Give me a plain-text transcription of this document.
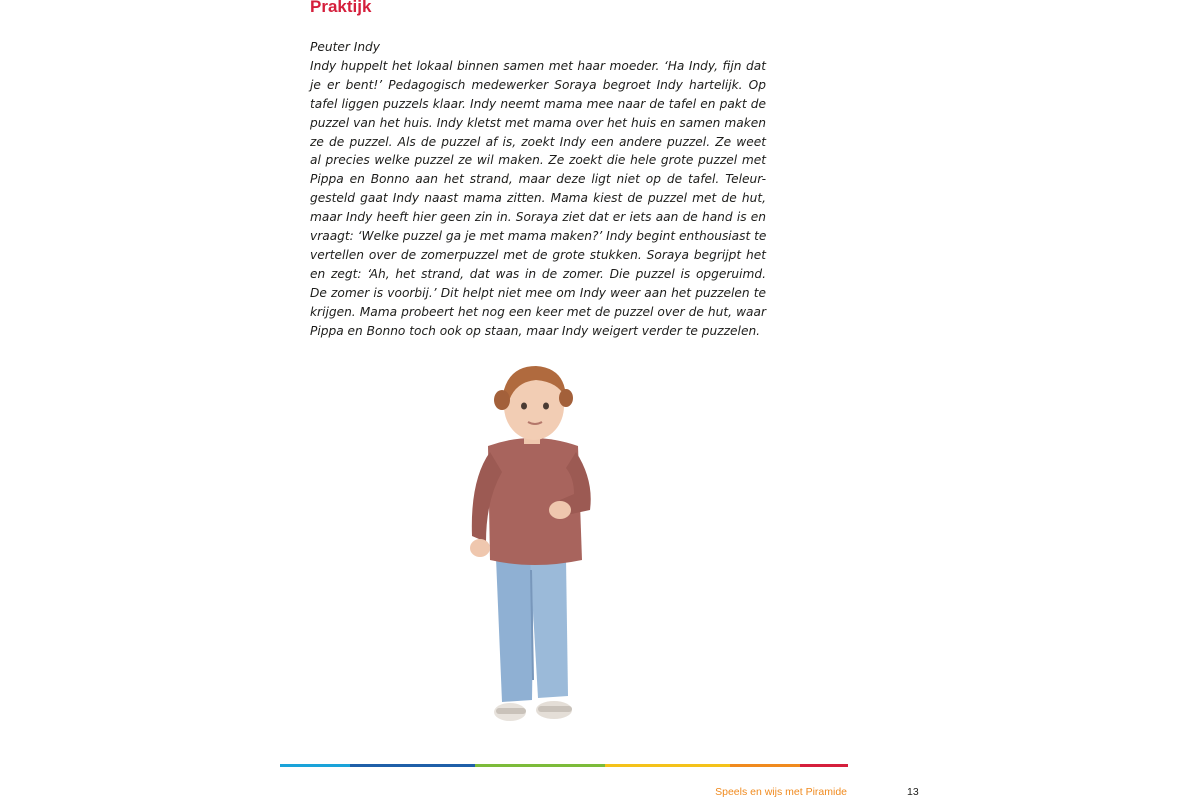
Praktijk
Peuter Indy
Indy huppelt het lokaal binnen samen met haar moeder. ‘Ha Indy, fijn dat
je er bent!’ Pedagogisch medewerker Soraya begroet Indy hartelijk. Op
tafel liggen puzzels klaar. Indy neemt mama mee naar de tafel en pakt de
puzzel van het huis. Indy kletst met mama over het huis en samen maken
ze de puzzel. Als de puzzel af is, zoekt Indy een andere puzzel. Ze weet
al precies welke puzzel ze wil maken. Ze zoekt die hele grote puzzel met
Pippa en Bonno aan het strand, maar deze ligt niet op de tafel. Teleur-
gesteld gaat Indy naast mama zitten. Mama kiest de puzzel met de hut,
maar Indy heeft hier geen zin in. Soraya ziet dat er iets aan de hand is en
vraagt: ‘Welke puzzel ga je met mama maken?’ Indy begint enthousiast te
vertellen over de zomerpuzzel met de grote stukken. Soraya begrijpt het
en zegt: ‘Ah, het strand, dat was in de zomer. Die puzzel is opgeruimd.
De zomer is voorbij.’ Dit helpt niet mee om Indy weer aan het puzzelen te
krijgen. Mama probeert het nog een keer met de puzzel over de hut, waar
Pippa en Bonno toch ook op staan, maar Indy weigert verder te puzzelen.
Speels en wijs met Piramide	13
